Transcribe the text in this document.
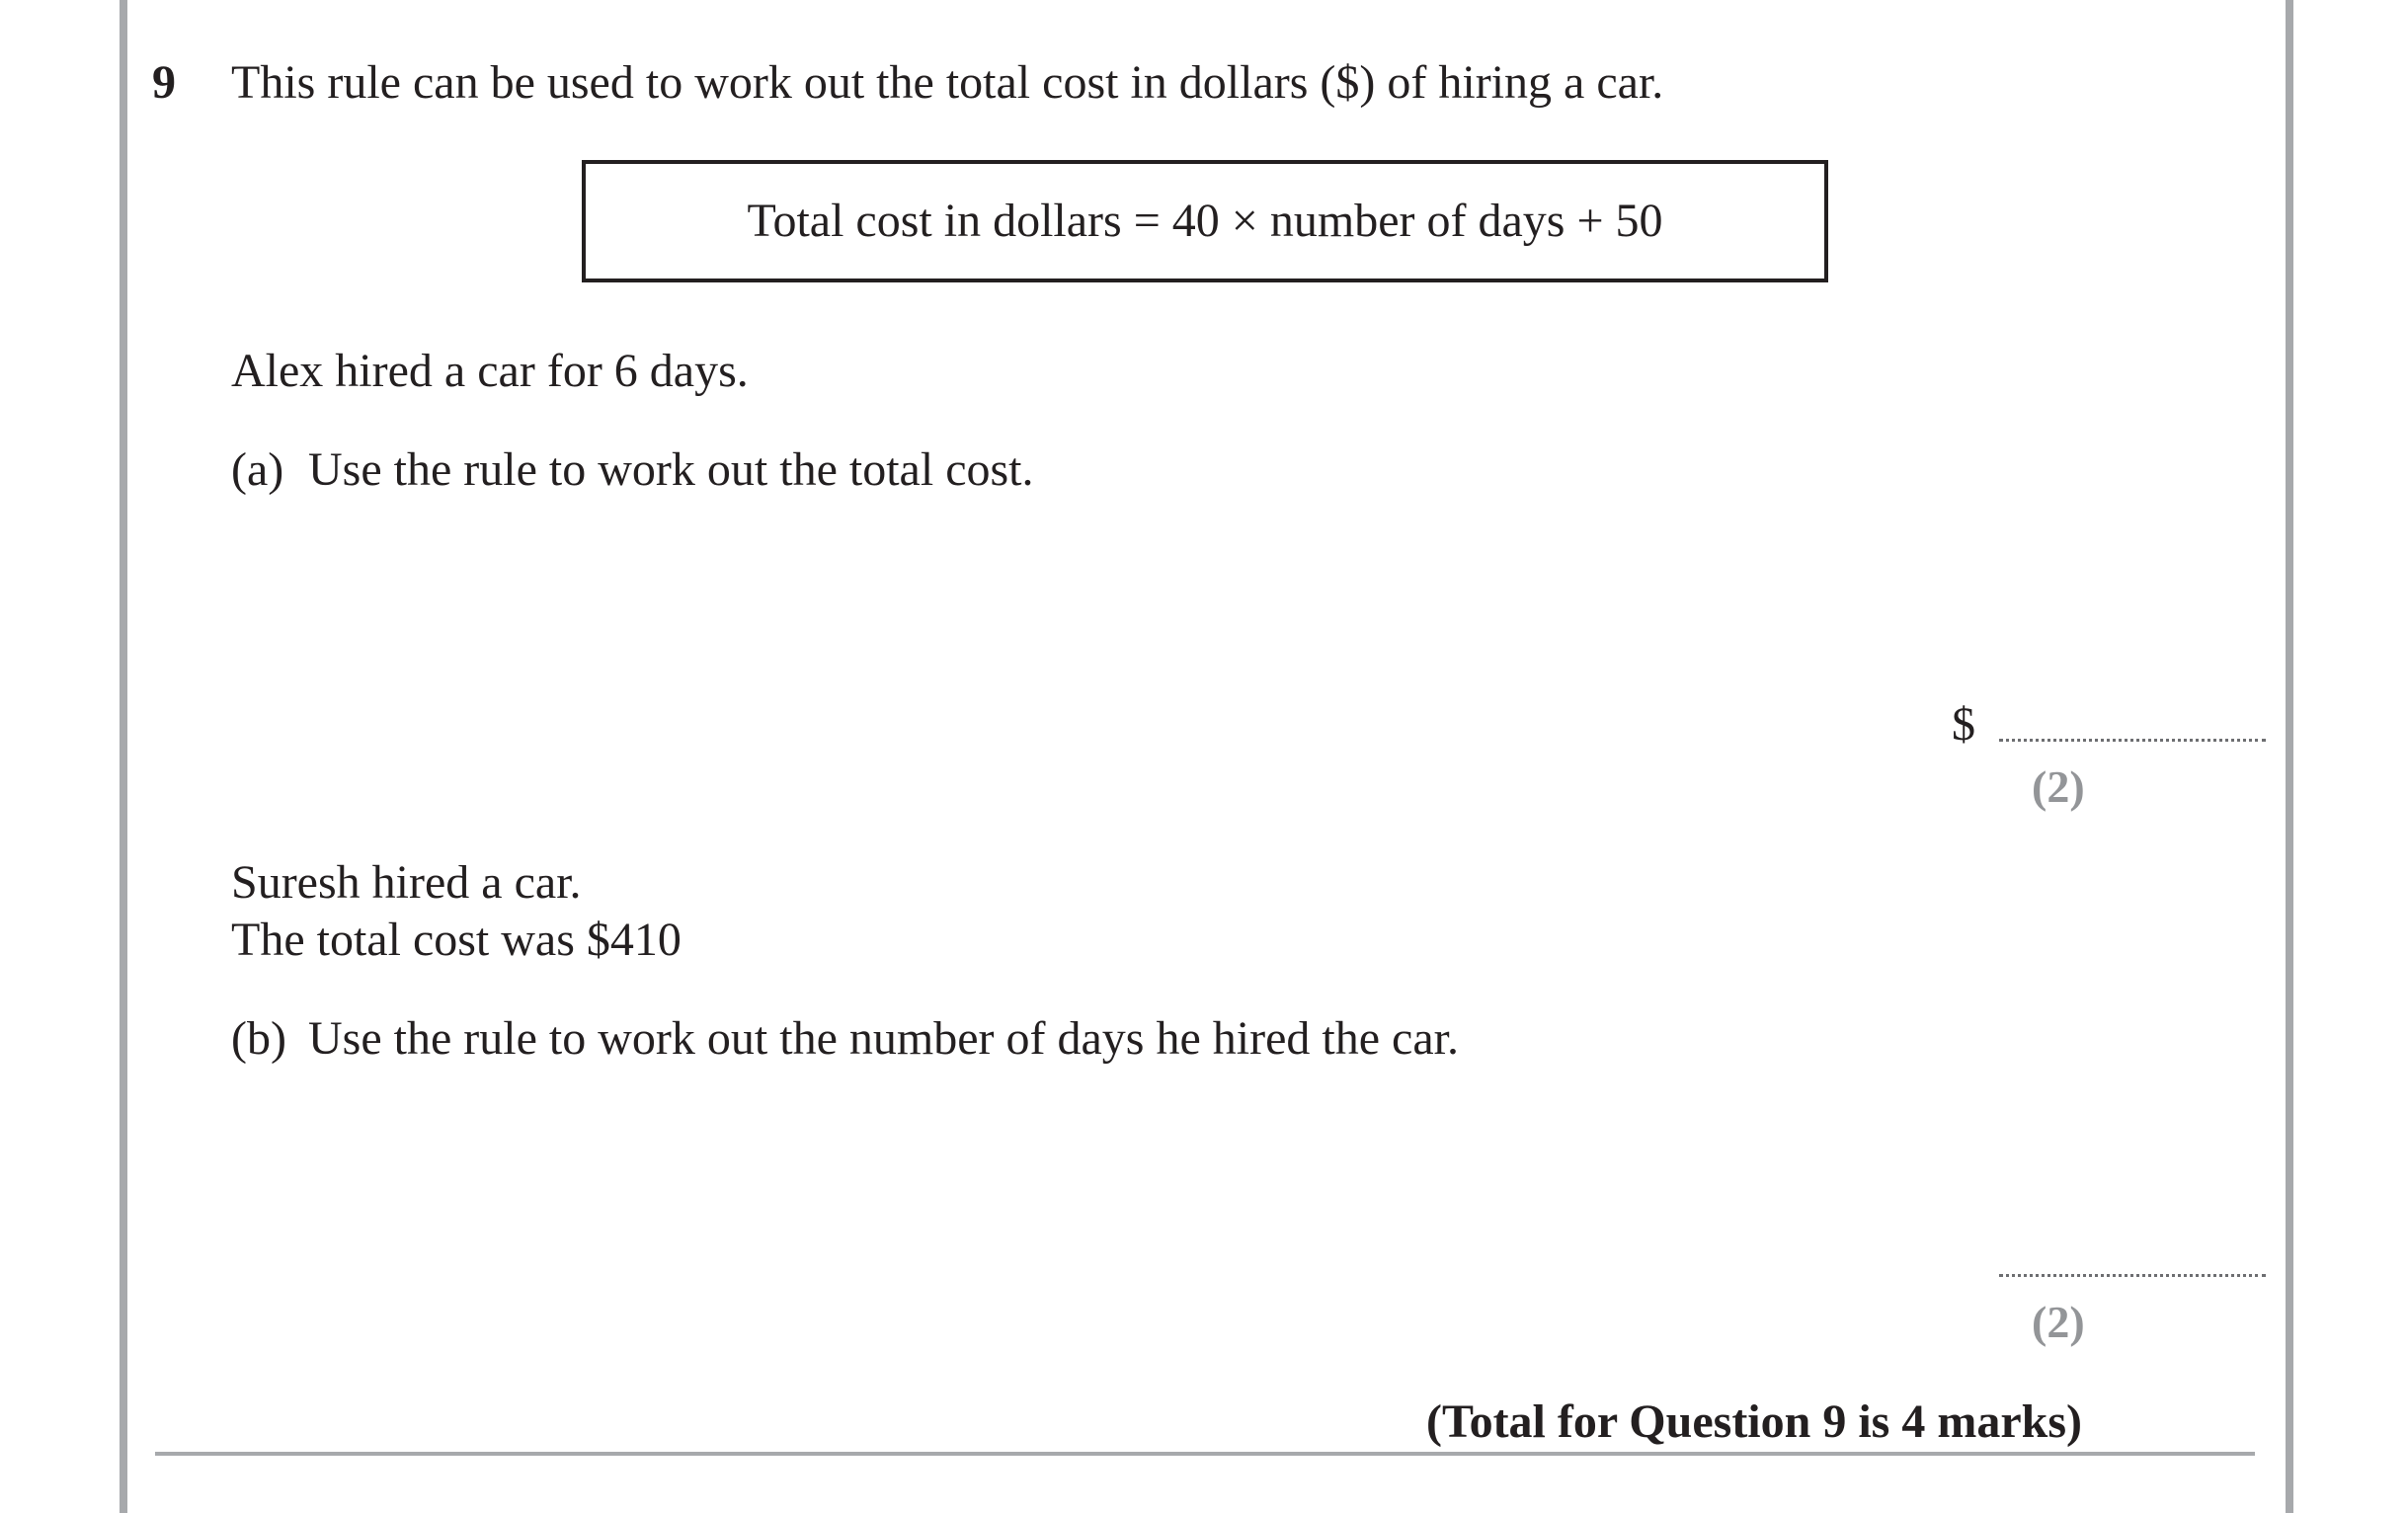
9 This rule can be used to work out the total cost in dollars ($) of hiring a car.
Total cost in dollars = 40 × number of days + 50
Alex hired a car for 6 days.
(a) Use the rule to work out the total cost.
$
(2)
Suresh hired a car.
The total cost was $410
(b) Use the rule to work out the number of days he hired the car.
(2)
(Total for Question 9 is 4 marks)
